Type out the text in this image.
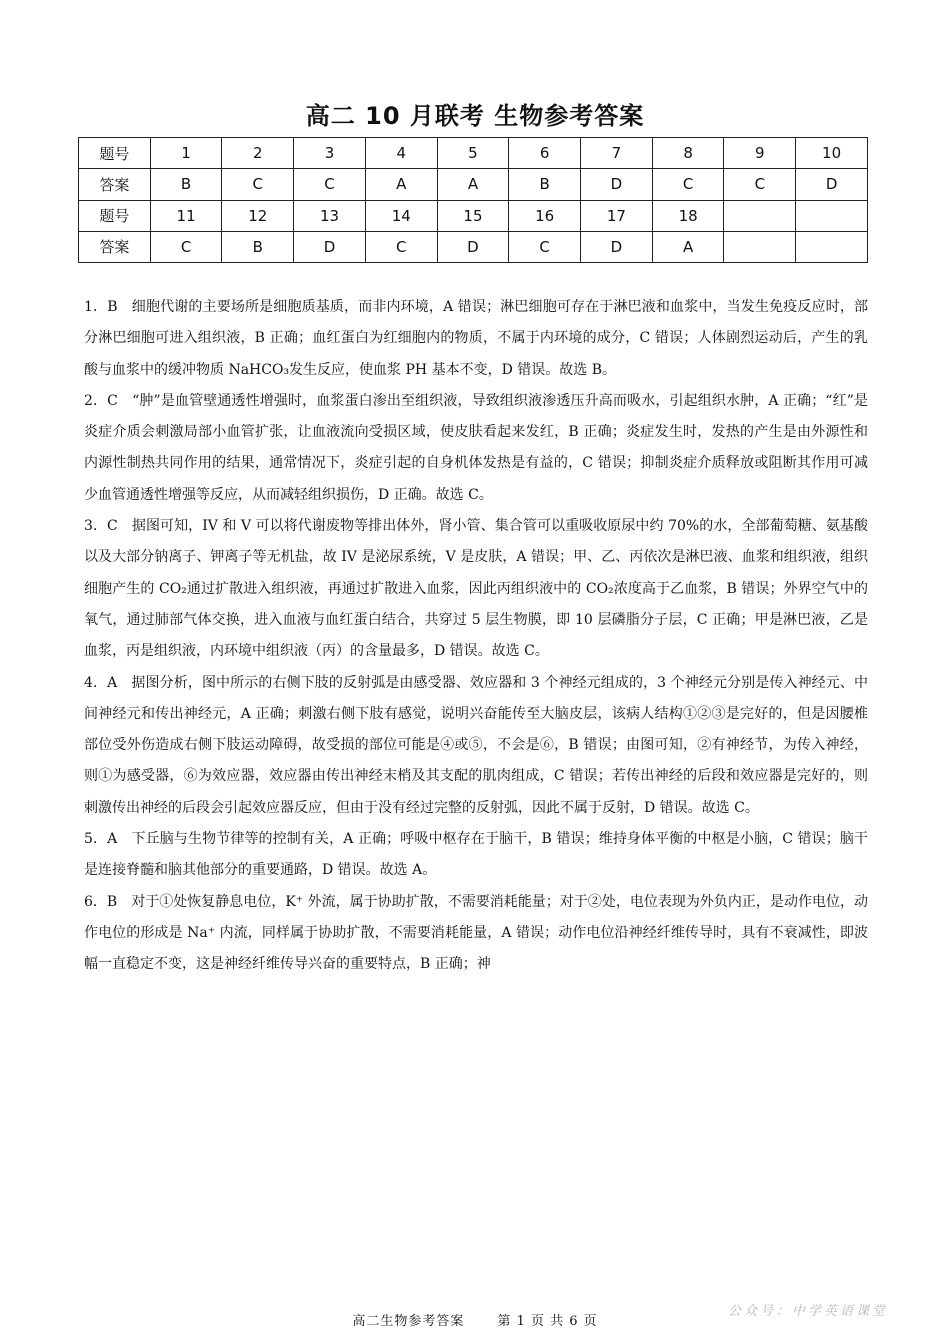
高二 10 月联考 生物参考答案
题号	1	2	3	4	5	6	7	8	9	10
答案	B	C	C	A	A	B	D	C	C	D
题号	11	12	13	14	15	16	17	18		
答案	C	B	D	C	D	C	D	A		

1．B　细胞代谢的主要场所是细胞质基质，而非内环境，A 错误；淋巴细胞可存在于淋巴液和血浆中，当发生免疫反应时，部分淋巴细胞可进入组织液，B 正确；血红蛋白为红细胞内的物质，不属于内环境的成分，C 错误；人体剧烈运动后，产生的乳酸与血浆中的缓冲物质 NaHCO₃发生反应，使血浆 PH 基本不变，D 错误。故选 B。

2．C　“肿”是血管壁通透性增强时，血浆蛋白渗出至组织液，导致组织液渗透压升高而吸水，引起组织水肿，A 正确；“红”是炎症介质会刺激局部小血管扩张，让血液流向受损区域，使皮肤看起来发红，B 正确；炎症发生时，发热的产生是由外源性和内源性制热共同作用的结果，通常情况下，炎症引起的自身机体发热是有益的，C 错误；抑制炎症介质释放或阻断其作用可减少血管通透性增强等反应，从而减轻组织损伤，D 正确。故选 C。

3．C　据图可知，IV 和 V 可以将代谢废物等排出体外，肾小管、集合管可以重吸收原尿中约 70%的水，全部葡萄糖、氨基酸以及大部分钠离子、钾离子等无机盐，故 IV 是泌尿系统，V 是皮肤，A 错误；甲、乙、丙依次是淋巴液、血浆和组织液，组织细胞产生的 CO₂通过扩散进入组织液，再通过扩散进入血浆，因此丙组织液中的 CO₂浓度高于乙血浆，B 错误；外界空气中的氧气，通过肺部气体交换，进入血液与血红蛋白结合，共穿过 5 层生物膜，即 10 层磷脂分子层，C 正确；甲是淋巴液，乙是血浆，丙是组织液，内环境中组织液（丙）的含量最多，D 错误。故选 C。

4．A　据图分析，图中所示的右侧下肢的反射弧是由感受器、效应器和 3 个神经元组成的，3 个神经元分别是传入神经元、中间神经元和传出神经元，A 正确；刺激右侧下肢有感觉，说明兴奋能传至大脑皮层，该病人结构①②③是完好的，但是因腰椎部位受外伤造成右侧下肢运动障碍，故受损的部位可能是④或⑤，不会是⑥，B 错误；由图可知，②有神经节，为传入神经，则①为感受器，⑥为效应器，效应器由传出神经末梢及其支配的肌肉组成，C 错误；若传出神经的后段和效应器是完好的，则刺激传出神经的后段会引起效应器反应，但由于没有经过完整的反射弧，因此不属于反射，D 错误。故选 C。

5．A　下丘脑与生物节律等的控制有关，A 正确；呼吸中枢存在于脑干，B 错误；维持身体平衡的中枢是小脑，C 错误；脑干是连接脊髓和脑其他部分的重要通路，D 错误。故选 A。

6．B　对于①处恢复静息电位，K⁺ 外流，属于协助扩散，不需要消耗能量；对于②处，电位表现为外负内正，是动作电位，动作电位的形成是 Na⁺ 内流，同样属于协助扩散，不需要消耗能量，A 错误；动作电位沿神经纤维传导时，具有不衰减性，即波幅一直稳定不变，这是神经纤维传导兴奋的重要特点，B 正确；神

高二生物参考答案	第 1 页 共 6 页
公众号：中学英语课堂
